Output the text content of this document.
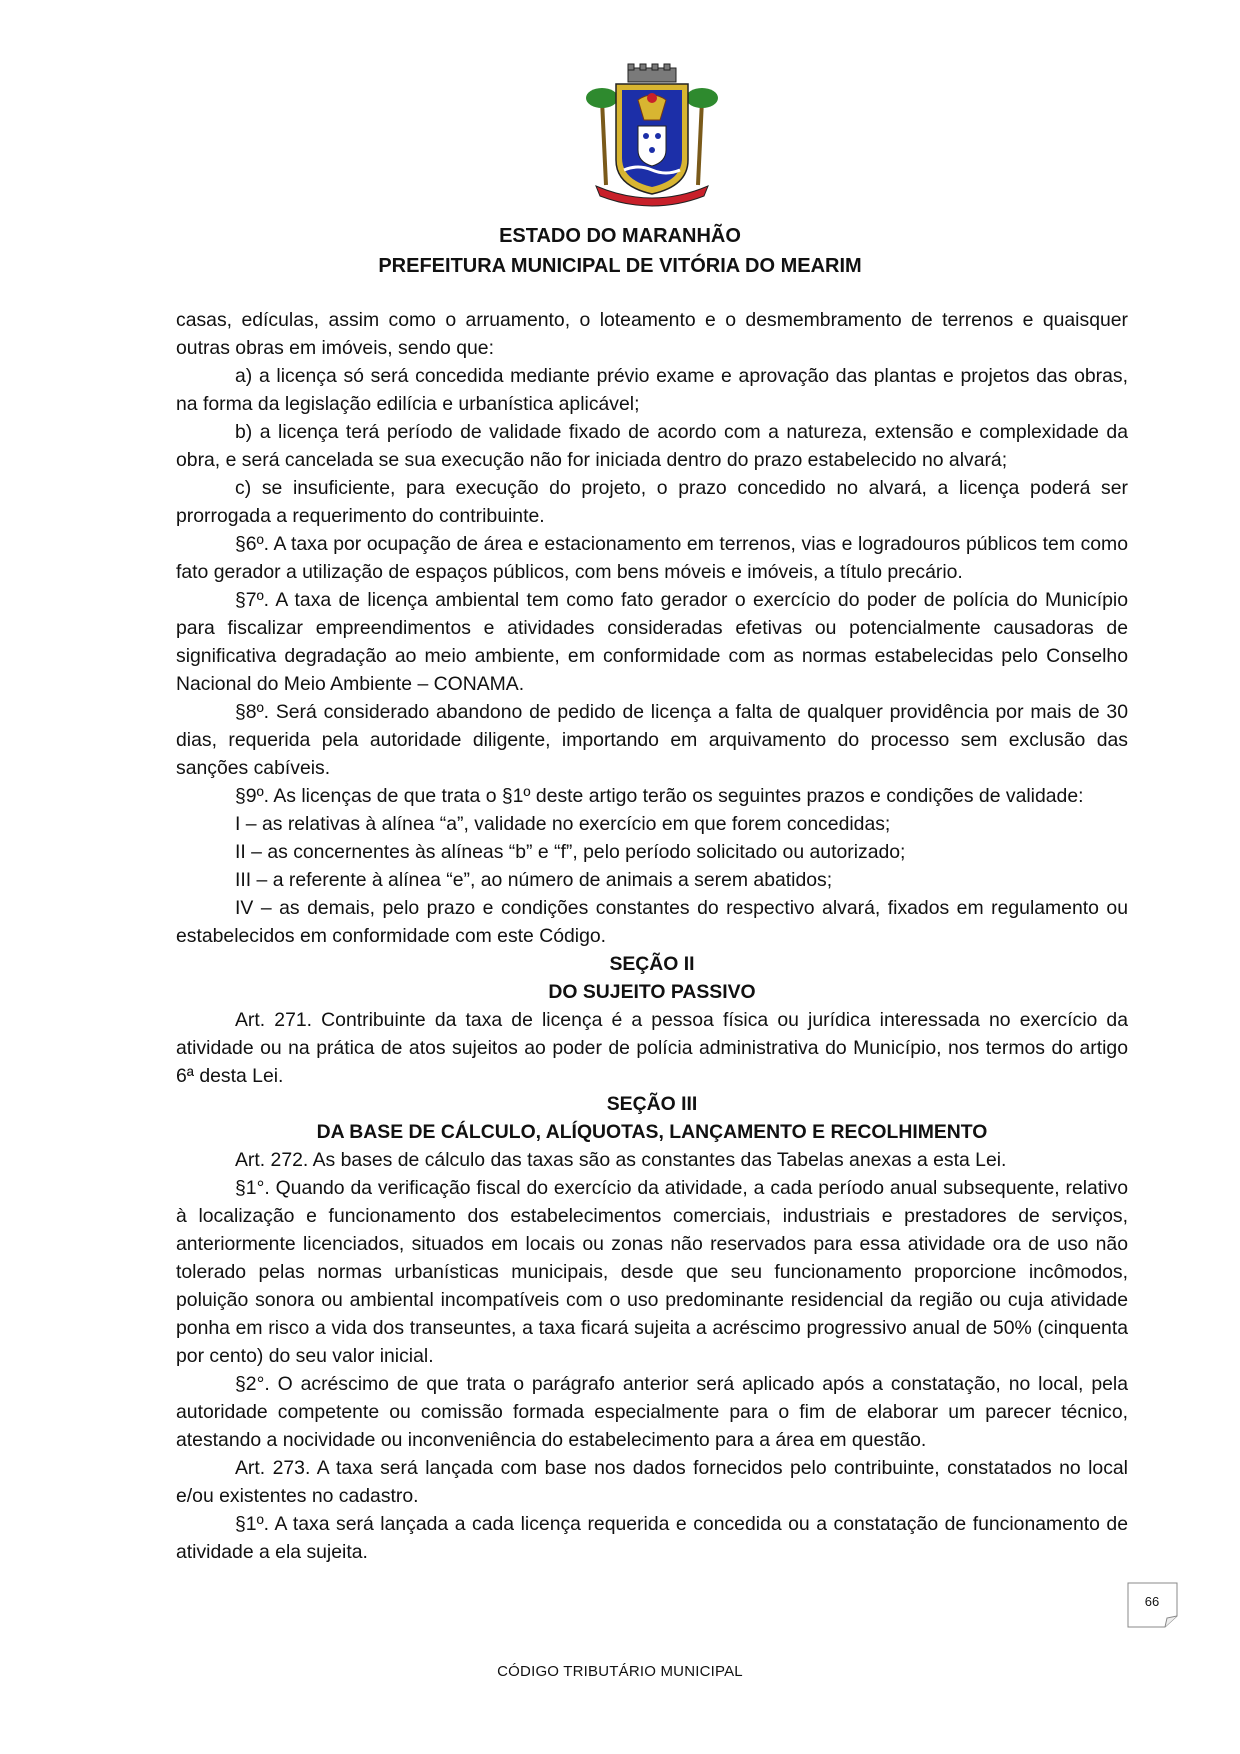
ESTADO DO MARANHÃO
PREFEITURA MUNICIPAL DE VITÓRIA DO MEARIM

casas, edículas, assim como o arruamento, o loteamento e o desmembramento de terrenos e quaisquer outras obras em imóveis, sendo que:

a) a licença só será concedida mediante prévio exame e aprovação das plantas e projetos das obras, na forma da legislação edilícia e urbanística aplicável;

b) a licença terá período de validade fixado de acordo com a natureza, extensão e complexidade da obra, e será cancelada se sua execução não for iniciada dentro do prazo estabelecido no alvará;

c) se insuficiente, para execução do projeto, o prazo concedido no alvará, a licença poderá ser prorrogada a requerimento do contribuinte.

§6º. A taxa por ocupação de área e estacionamento em terrenos, vias e logradouros públicos tem como fato gerador a utilização de espaços públicos, com bens móveis e imóveis, a título precário.

§7º. A taxa de licença ambiental tem como fato gerador o exercício do poder de polícia do Município para fiscalizar empreendimentos e atividades consideradas efetivas ou potencialmente causadoras de significativa degradação ao meio ambiente, em conformidade com as normas estabelecidas pelo Conselho Nacional do Meio Ambiente – CONAMA.

§8º. Será considerado abandono de pedido de licença a falta de qualquer providência por mais de 30 dias, requerida pela autoridade diligente, importando em arquivamento do processo sem exclusão das sanções cabíveis.

§9º. As licenças de que trata o §1º deste artigo terão os seguintes prazos e condições de validade:

I – as relativas à alínea “a”, validade no exercício em que forem concedidas;

II – as concernentes às alíneas “b” e “f”, pelo período solicitado ou autorizado;

III – a referente à alínea “e”, ao número de animais a serem abatidos;

IV – as demais, pelo prazo e condições constantes do respectivo alvará, fixados em regulamento ou estabelecidos em conformidade com este Código.

SEÇÃO II

DO SUJEITO PASSIVO

Art. 271. Contribuinte da taxa de licença é a pessoa física ou jurídica interessada no exercício da atividade ou na prática de atos sujeitos ao poder de polícia administrativa do Município, nos termos do artigo 6ª desta Lei.

SEÇÃO III

DA BASE DE CÁLCULO, ALÍQUOTAS, LANÇAMENTO E RECOLHIMENTO

Art. 272. As bases de cálculo das taxas são as constantes das Tabelas anexas a esta Lei.

§1°. Quando da verificação fiscal do exercício da atividade, a cada período anual subsequente, relativo à localização e funcionamento dos estabelecimentos comerciais, industriais e prestadores de serviços, anteriormente licenciados, situados em locais ou zonas não reservados para essa atividade ora de uso não tolerado pelas normas urbanísticas municipais, desde que seu funcionamento proporcione incômodos, poluição sonora ou ambiental incompatíveis com o uso predominante residencial da região ou cuja atividade ponha em risco a vida dos transeuntes, a taxa ficará sujeita a acréscimo progressivo anual de 50% (cinquenta por cento) do seu valor inicial.

§2°. O acréscimo de que trata o parágrafo anterior será aplicado após a constatação, no local, pela autoridade competente ou comissão formada especialmente para o fim de elaborar um parecer técnico, atestando a nocividade ou inconveniência do estabelecimento para a área em questão.

Art. 273. A taxa será lançada com base nos dados fornecidos pelo contribuinte, constatados no local e/ou existentes no cadastro.

§1º. A taxa será lançada a cada licença requerida e concedida ou a constatação de funcionamento de atividade a ela sujeita.

CÓDIGO TRIBUTÁRIO MUNICIPAL
66
